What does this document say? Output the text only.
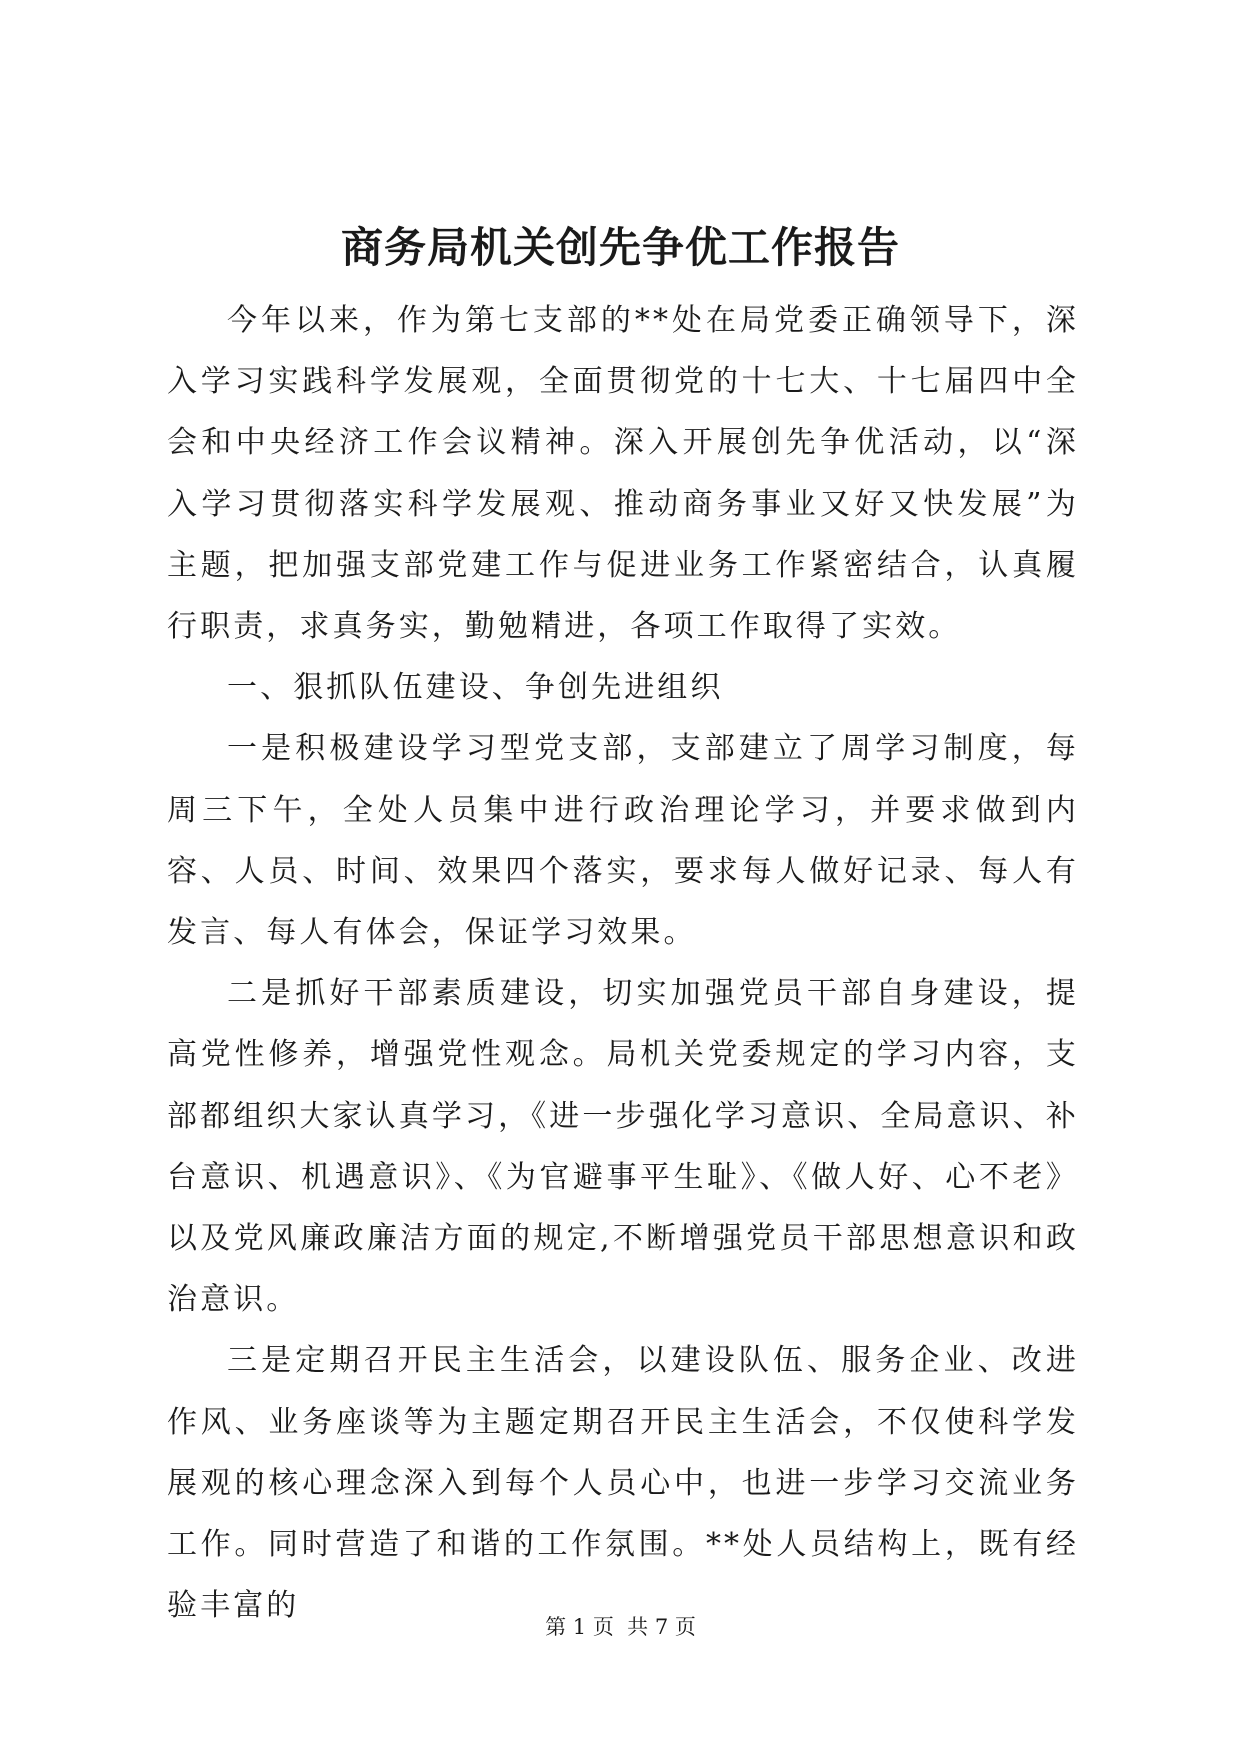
商务局机关创先争优工作报告

今年以来，作为第七支部的**处在局党委正确领导下，深入学习实践科学发展观，全面贯彻党的十七大、十七届四中全会和中央经济工作会议精神。深入开展创先争优活动，以“深入学习贯彻落实科学发展观、推动商务事业又好又快发展”为主题，把加强支部党建工作与促进业务工作紧密结合，认真履行职责，求真务实，勤勉精进，各项工作取得了实效。

一、狠抓队伍建设、争创先进组织

一是积极建设学习型党支部，支部建立了周学习制度，每周三下午，全处人员集中进行政治理论学习，并要求做到内容、人员、时间、效果四个落实，要求每人做好记录、每人有发言、每人有体会，保证学习效果。

二是抓好干部素质建设，切实加强党员干部自身建设，提高党性修养，增强党性观念。局机关党委规定的学习内容，支部都组织大家认真学习，《进一步强化学习意识、全局意识、补台意识、机遇意识》、《为官避事平生耻》、《做人好、心不老》以及党风廉政廉洁方面的规定,不断增强党员干部思想意识和政治意识。

三是定期召开民主生活会，以建设队伍、服务企业、改进作风、业务座谈等为主题定期召开民主生活会，不仅使科学发展观的核心理念深入到每个人员心中，也进一步学习交流业务工作。同时营造了和谐的工作氛围。**处人员结构上，既有经验丰富的

第 1 页  共 7 页
